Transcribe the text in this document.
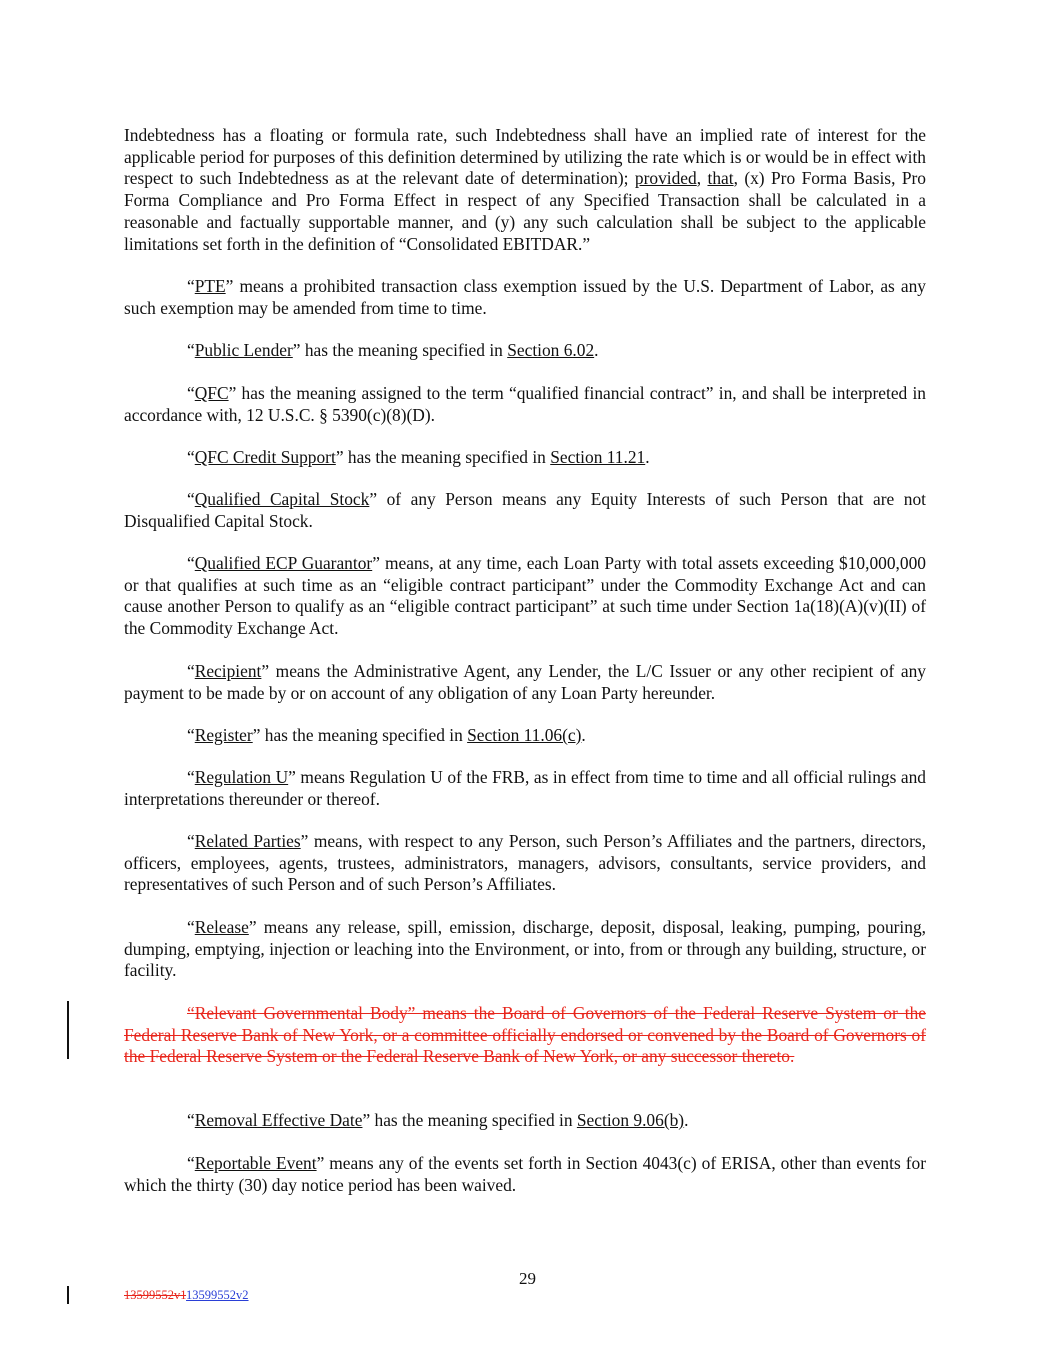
Indebtedness has a floating or formula rate, such Indebtedness shall have an implied rate of interest for the applicable period for purposes of this definition determined by utilizing the rate which is or would be in effect with respect to such Indebtedness as at the relevant date of determination); provided, that, (x) Pro Forma Basis, Pro Forma Compliance and Pro Forma Effect in respect of any Specified Transaction shall be calculated in a reasonable and factually supportable manner, and (y) any such calculation shall be subject to the applicable limitations set forth in the definition of “Consolidated EBITDAR.”

“PTE” means a prohibited transaction class exemption issued by the U.S. Department of Labor, as any such exemption may be amended from time to time.

“Public Lender” has the meaning specified in Section 6.02.

“QFC” has the meaning assigned to the term “qualified financial contract” in, and shall be interpreted in accordance with, 12 U.S.C. § 5390(c)(8)(D).

“QFC Credit Support” has the meaning specified in Section 11.21.

“Qualified Capital Stock” of any Person means any Equity Interests of such Person that are not Disqualified Capital Stock.

“Qualified ECP Guarantor” means, at any time, each Loan Party with total assets exceeding $10,000,000 or that qualifies at such time as an “eligible contract participant” under the Commodity Exchange Act and can cause another Person to qualify as an “eligible contract participant” at such time under Section 1a(18)(A)(v)(II) of the Commodity Exchange Act.

“Recipient” means the Administrative Agent, any Lender, the L/C Issuer or any other recipient of any payment to be made by or on account of any obligation of any Loan Party hereunder.

“Register” has the meaning specified in Section 11.06(c).

“Regulation U” means Regulation U of the FRB, as in effect from time to time and all official rulings and interpretations thereunder or thereof.

“Related Parties” means, with respect to any Person, such Person’s Affiliates and the partners, directors, officers, employees, agents, trustees, administrators, managers, advisors, consultants, service providers, and representatives of such Person and of such Person’s Affiliates.

“Release” means any release, spill, emission, discharge, deposit, disposal, leaking, pumping, pouring, dumping, emptying, injection or leaching into the Environment, or into, from or through any building, structure, or facility.

“Relevant Governmental Body” means the Board of Governors of the Federal Reserve System or the Federal Reserve Bank of New York, or a committee officially endorsed or convened by the Board of Governors of the Federal Reserve System or the Federal Reserve Bank of New York, or any successor thereto.

“Removal Effective Date” has the meaning specified in Section 9.06(b).

“Reportable Event” means any of the events set forth in Section 4043(c) of ERISA, other than events for which the thirty (30) day notice period has been waived.

29
13599552v113599552v2
